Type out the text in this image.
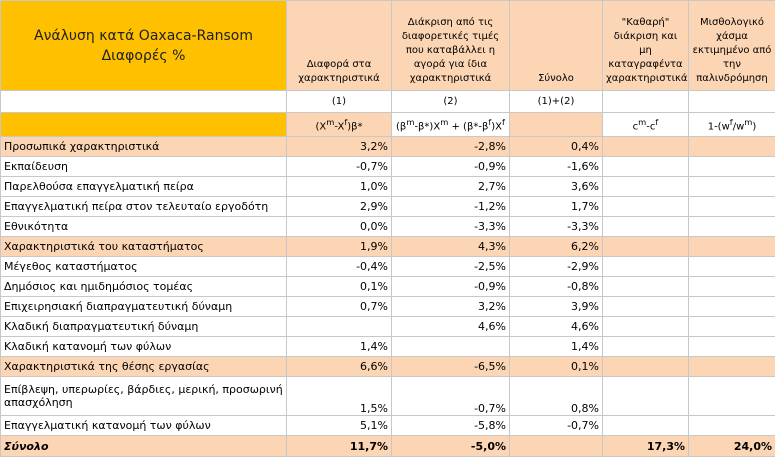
Ανάλυση κατά Oaxaca-Ransom
Διαφορές %	Διαφορά στα χαρακτηριστικά	Διάκριση από τις διαφορετικές τιμές που καταβάλλει η αγορά για ίδια χαρακτηριστικά	Σύνολο	"Καθαρή" διάκριση και μη καταγραφέντα χαρακτηριστικά	Μισθολογικό χάσμα εκτιμημένο από την παλινδρόμηση
	(1)	(2)	(1)+(2)		
	$(X^m-X^f)\beta*$	$(\beta^m-\beta*)X^m + (\beta*-\beta^f)X^f$		$c^m-c^f$	$1-(w^f/w^m)$
Προσωπικά χαρακτηριστικά	3,2%	-2,8%	0,4%		
Εκπαίδευση	-0,7%	-0,9%	-1,6%		
Παρελθούσα επαγγελματική πείρα	1,0%	2,7%	3,6%		
Επαγγελματική πείρα στον τελευταίο εργοδότη	2,9%	-1,2%	1,7%		
Εθνικότητα	0,0%	-3,3%	-3,3%		
Χαρακτηριστικά του καταστήματος	1,9%	4,3%	6,2%		
Μέγεθος καταστήματος	-0,4%	-2,5%	-2,9%		
Δημόσιος και ημιδημόσιος τομέας	0,1%	-0,9%	-0,8%		
Επιχειρησιακή διαπραγματευτική δύναμη	0,7%	3,2%	3,9%		
Κλαδική διαπραγματευτική δύναμη		4,6%	4,6%		
Κλαδική κατανομή των φύλων	1,4%		1,4%		
Χαρακτηριστικά της θέσης εργασίας	6,6%	-6,5%	0,1%		
Επίβλεψη, υπερωρίες, βάρδιες, μερική, προσωρινή απασχόληση	1,5%	-0,7%	0,8%		
Επαγγελματική κατανομή των φύλων	5,1%	-5,8%	-0,7%		
Σύνολο	11,7%	-5,0%		17,3%	24,0%
